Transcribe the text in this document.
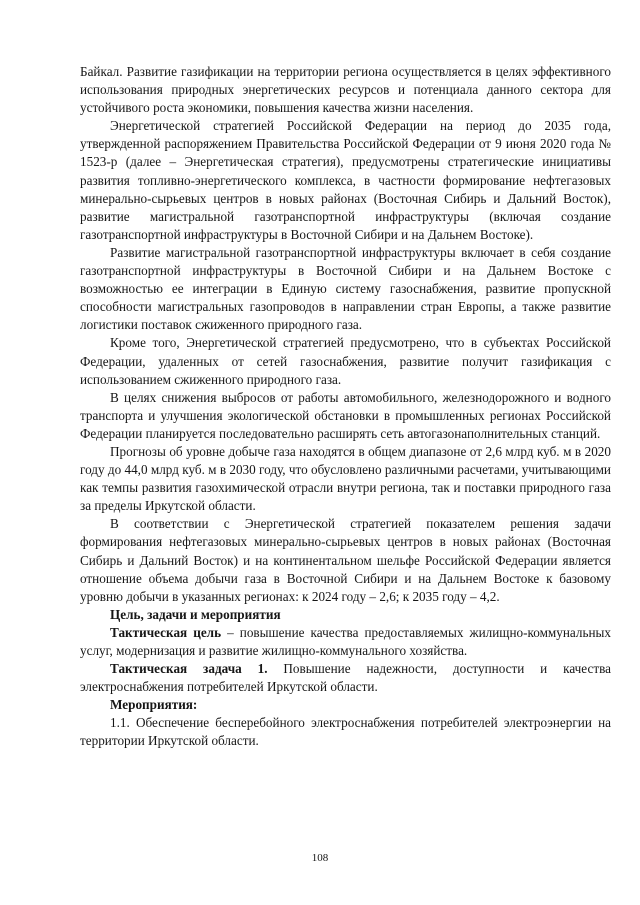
Байкал. Развитие газификации на территории региона осуществляется в целях эффективного использования природных энергетических ресурсов и потенциала данного сектора для устойчивого роста экономики, повышения качества жизни населения.

Энергетической стратегией Российской Федерации на период до 2035 года, утвержденной распоряжением Правительства Российской Федерации от 9 июня 2020 года № 1523-р (далее – Энергетическая стратегия), предусмотрены стратегические инициативы развития топливно-энергетического комплекса, в частности формирование нефтегазовых минерально-сырьевых центров в новых районах (Восточная Сибирь и Дальний Восток), развитие магистральной газотранспортной инфраструктуры (включая создание газотранспортной инфраструктуры в Восточной Сибири и на Дальнем Востоке).

Развитие магистральной газотранспортной инфраструктуры включает в себя создание газотранспортной инфраструктуры в Восточной Сибири и на Дальнем Востоке с возможностью ее интеграции в Единую систему газоснабжения, развитие пропускной способности магистральных газопроводов в направлении стран Европы, а также развитие логистики поставок сжиженного природного газа.

Кроме того, Энергетической стратегией предусмотрено, что в субъектах Российской Федерации, удаленных от сетей газоснабжения, развитие получит газификация с использованием сжиженного природного газа.

В целях снижения выбросов от работы автомобильного, железнодорожного и водного транспорта и улучшения экологической обстановки в промышленных регионах Российской Федерации планируется последовательно расширять сеть автогазонаполнительных станций.

Прогнозы об уровне добыче газа находятся в общем диапазоне от 2,6 млрд куб. м в 2020 году до 44,0 млрд куб. м в 2030 году, что обусловлено различными расчетами, учитывающими как темпы развития газохимической отрасли внутри региона, так и поставки природного газа за пределы Иркутской области.

В соответствии с Энергетической стратегией показателем решения задачи формирования нефтегазовых минерально-сырьевых центров в новых районах (Восточная Сибирь и Дальний Восток) и на континентальном шельфе Российской Федерации является отношение объема добычи газа в Восточной Сибири и на Дальнем Востоке к базовому уровню добычи в указанных регионах: к 2024 году – 2,6; к 2035 году – 4,2.

Цель, задачи и мероприятия

Тактическая цель – повышение качества предоставляемых жилищно-коммунальных услуг, модернизация и развитие жилищно-коммунального хозяйства.

Тактическая задача 1. Повышение надежности, доступности и качества электроснабжения потребителей Иркутской области.

Мероприятия:

1.1. Обеспечение бесперебойного электроснабжения потребителей электроэнергии на территории Иркутской области.

108
